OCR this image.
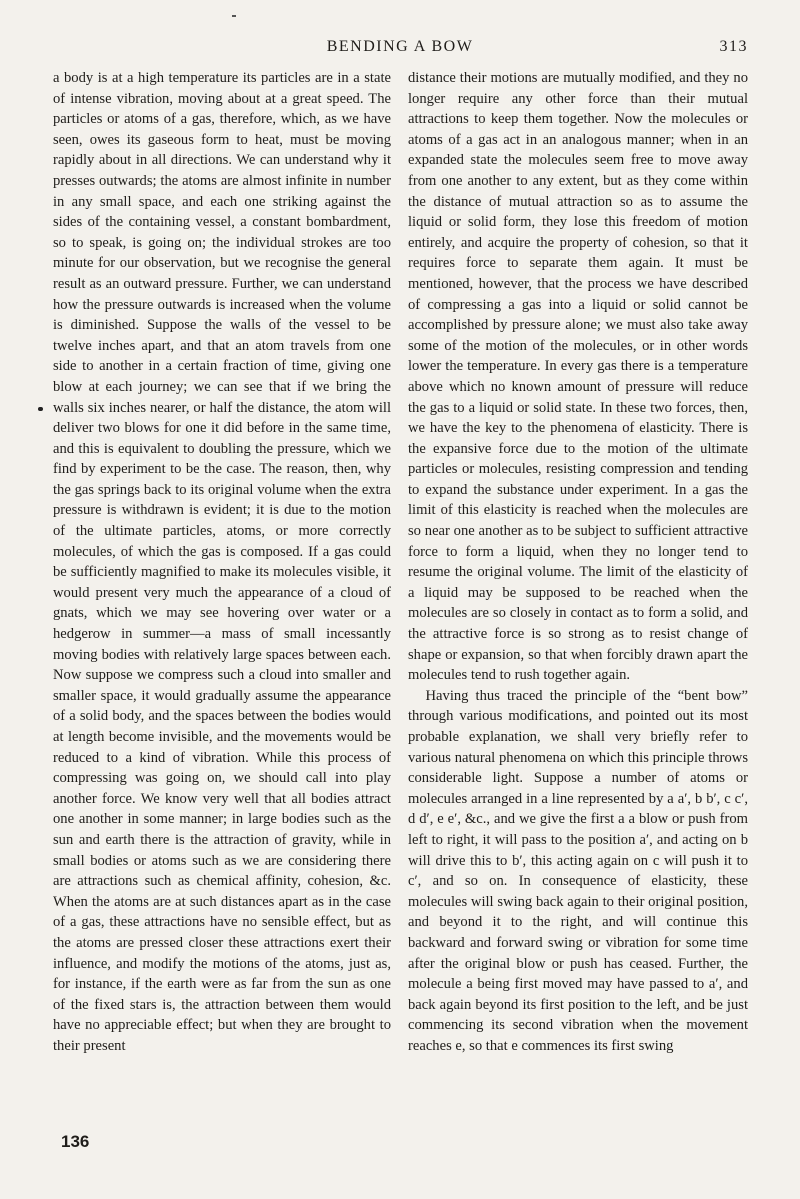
BENDING A BOW	313

a body is at a high temperature its particles are in a state of intense vibration, moving about at a great speed. The particles or atoms of a gas, therefore, which, as we have seen, owes its gaseous form to heat, must be moving rapidly about in all directions. We can understand why it presses outwards; the atoms are almost infinite in number in any small space, and each one striking against the sides of the containing vessel, a constant bombardment, so to speak, is going on; the individual strokes are too minute for our observation, but we recognise the general result as an outward pressure. Further, we can understand how the pressure outwards is increased when the volume is diminished. Suppose the walls of the vessel to be twelve inches apart, and that an atom travels from one side to another in a certain fraction of time, giving one blow at each journey; we can see that if we bring the walls six inches nearer, or half the distance, the atom will deliver two blows for one it did before in the same time, and this is equivalent to doubling the pressure, which we find by experiment to be the case. The reason, then, why the gas springs back to its original volume when the extra pressure is withdrawn is evident; it is due to the motion of the ultimate particles, atoms, or more correctly molecules, of which the gas is composed. If a gas could be sufficiently magnified to make its molecules visible, it would present very much the appearance of a cloud of gnats, which we may see hovering over water or a hedgerow in summer—a mass of small incessantly moving bodies with relatively large spaces between each. Now suppose we compress such a cloud into smaller and smaller space, it would gradually assume the appearance of a solid body, and the spaces between the bodies would at length become invisible, and the movements would be reduced to a kind of vibration. While this process of compressing was going on, we should call into play another force. We know very well that all bodies attract one another in some manner; in large bodies such as the sun and earth there is the attraction of gravity, while in small bodies or atoms such as we are considering there are attractions such as chemical affinity, cohesion, &c. When the atoms are at such distances apart as in the case of a gas, these attractions have no sensible effect, but as the atoms are pressed closer these attractions exert their influence, and modify the motions of the atoms, just as, for instance, if the earth were as far from the sun as one of the fixed stars is, the attraction between them would have no appreciable effect; but when they are brought to their present

distance their motions are mutually modified, and they no longer require any other force than their mutual attractions to keep them together. Now the molecules or atoms of a gas act in an analogous manner; when in an expanded state the molecules seem free to move away from one another to any extent, but as they come within the distance of mutual attraction so as to assume the liquid or solid form, they lose this freedom of motion entirely, and acquire the property of cohesion, so that it requires force to separate them again. It must be mentioned, however, that the process we have described of compressing a gas into a liquid or solid cannot be accomplished by pressure alone; we must also take away some of the motion of the molecules, or in other words lower the temperature. In every gas there is a temperature above which no known amount of pressure will reduce the gas to a liquid or solid state. In these two forces, then, we have the key to the phenomena of elasticity. There is the expansive force due to the motion of the ultimate particles or molecules, resisting compression and tending to expand the substance under experiment. In a gas the limit of this elasticity is reached when the molecules are so near one another as to be subject to sufficient attractive force to form a liquid, when they no longer tend to resume the original volume. The limit of the elasticity of a liquid may be supposed to be reached when the molecules are so closely in contact as to form a solid, and the attractive force is so strong as to resist change of shape or expansion, so that when forcibly drawn apart the molecules tend to rush together again.

Having thus traced the principle of the “bent bow” through various modifications, and pointed out its most probable explanation, we shall very briefly refer to various natural phenomena on which this principle throws considerable light. Suppose a number of atoms or molecules arranged in a line represented by a a′, b b′, c c′, d d′, e e′, &c., and we give the first a a blow or push from left to right, it will pass to the position a′, and acting on b will drive this to b′, this acting again on c will push it to c′, and so on. In consequence of elasticity, these molecules will swing back again to their original position, and beyond it to the right, and will continue this backward and forward swing or vibration for some time after the original blow or push has ceased. Further, the molecule a being first moved may have passed to a′, and back again beyond its first position to the left, and be just commencing its second vibration when the movement reaches e, so that e commences its first swing

136
